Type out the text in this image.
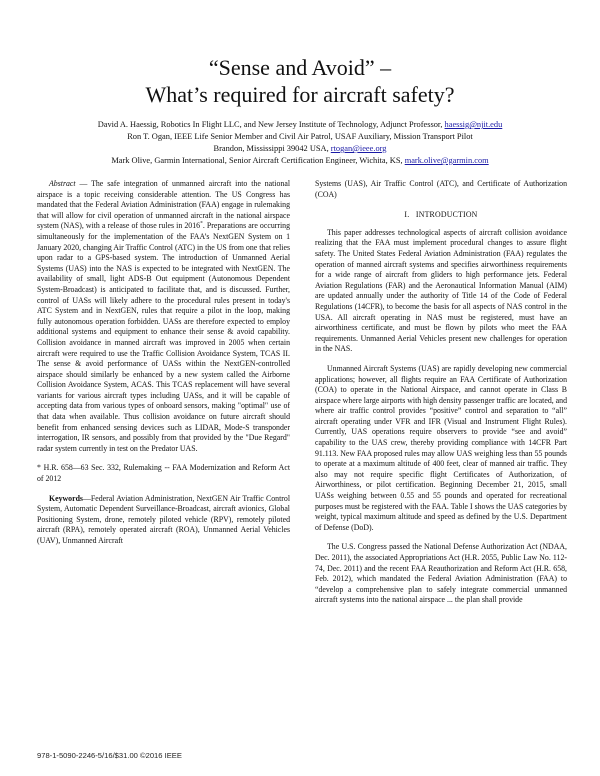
“Sense and Avoid” –
What’s required for aircraft safety?
David A. Haessig, Robotics In Flight LLC, and New Jersey Institute of Technology, Adjunct Professor, haessig@njit.edu
Ron T. Ogan, IEEE Life Senior Member and Civil Air Patrol, USAF Auxiliary, Mission Transport Pilot
Brandon, Mississippi 39042 USA, rtogan@ieee.org
Mark Olive, Garmin International, Senior Aircraft Certification Engineer, Wichita, KS, mark.olive@garmin.com

Abstract — The safe integration of unmanned aircraft into the national airspace is a topic receiving considerable attention. The US Congress has mandated that the Federal Aviation Administration (FAA) engage in rulemaking that will allow for civil operation of unmanned aircraft in the national airspace system (NAS), with a release of those rules in 2016*. Preparations are occurring simultaneously for the implementation of the FAA’s NextGEN System on 1 January 2020, changing Air Traffic Control (ATC) in the US from one that relies upon radar to a GPS-based system. The introduction of Unmanned Aerial Systems (UAS) into the NAS is expected to be integrated with NextGEN. The availability of small, light ADS-B Out equipment (Autonomous Dependent System-Broadcast) is anticipated to facilitate that, and is discussed. Further, control of UASs will likely adhere to the procedural rules present in today's ATC System and in NextGEN, rules that require a pilot in the loop, making fully autonomous operation forbidden. UASs are therefore expected to employ additional systems and equipment to enhance their sense & avoid capability. Collision avoidance in manned aircraft was improved in 2005 when certain aircraft were required to use the Traffic Collision Avoidance System, TCAS II. The sense & avoid performance of UASs within the NextGEN-controlled airspace should similarly be enhanced by a new system called the Airborne Collision Avoidance System, ACAS. This TCAS replacement will have several variants for various aircraft types including UASs, and it will be capable of accepting data from various types of onboard sensors, making "optimal" use of that data when available. Thus collision avoidance on future aircraft should benefit from enhanced sensing devices such as LIDAR, Mode-S transponder interrogation, IR sensors, and possibly from that provided by the "Due Regard" radar system currently in test on the Predator UAS.

* H.R. 658—63 Sec. 332, Rulemaking -- FAA Modernization and Reform Act of 2012

Keywords—Federal Aviation Administration, NextGEN Air Traffic Control System, Automatic Dependent Surveillance-Broadcast, aircraft avionics, Global Positioning System, drone, remotely piloted vehicle (RPV), remotely piloted aircraft (RPA), remotely operated aircraft (ROA), Unmanned Aerial Vehicles (UAV), Unmanned Aircraft

Systems (UAS), Air Traffic Control (ATC), and Certificate of Authorization (COA)

I. INTRODUCTION

This paper addresses technological aspects of aircraft collision avoidance realizing that the FAA must implement procedural changes to assure flight safety. The United States Federal Aviation Administration (FAA) regulates the operation of manned aircraft systems and specifies airworthiness requirements for a wide range of aircraft from gliders to high performance jets. Federal Aviation Regulations (FAR) and the Aeronautical Information Manual (AIM) are updated annually under the authority of Title 14 of the Code of Federal Regulations (14CFR), to become the basis for all aspects of NAS control in the USA. All aircraft operating in NAS must be registered, must have an airworthiness certificate, and must be flown by pilots who meet the FAA requirements. Unmanned Aerial Vehicles present new challenges for operation in the NAS.

Unmanned Aircraft Systems (UAS) are rapidly developing new commercial applications; however, all flights require an FAA Certificate of Authorization (COA) to operate in the National Airspace, and cannot operate in Class B airspace where large airports with high density passenger traffic are located, and where air traffic control provides “positive” control and separation to “all” aircraft operating under VFR and IFR (Visual and Instrument Flight Rules). Currently, UAS operations require observers to provide “see and avoid” capability to the UAS crew, thereby providing compliance with 14CFR Part 91.113. New FAA proposed rules may allow UAS weighing less than 55 pounds to operate at a maximum altitude of 400 feet, clear of manned air traffic. They also may not require specific flight Certificates of Authorization, of Airworthiness, or pilot certification. Beginning December 21, 2015, small UASs weighing between 0.55 and 55 pounds and operated for recreational purposes must be registered with the FAA. Table I shows the UAS categories by weight, typical maximum altitude and speed as defined by the U.S. Department of Defense (DoD).

The U.S. Congress passed the National Defense Authorization Act (NDAA, Dec. 2011), the associated Appropriations Act (H.R. 2055, Public Law No. 112-74, Dec. 2011) and the recent FAA Reauthorization and Reform Act (H.R. 658, Feb. 2012), which mandated the Federal Aviation Administration (FAA) to “develop a comprehensive plan to safely integrate commercial unmanned aircraft systems into the national airspace ... the plan shall provide

978-1-5090-2246-5/16/$31.00 ©2016 IEEE
